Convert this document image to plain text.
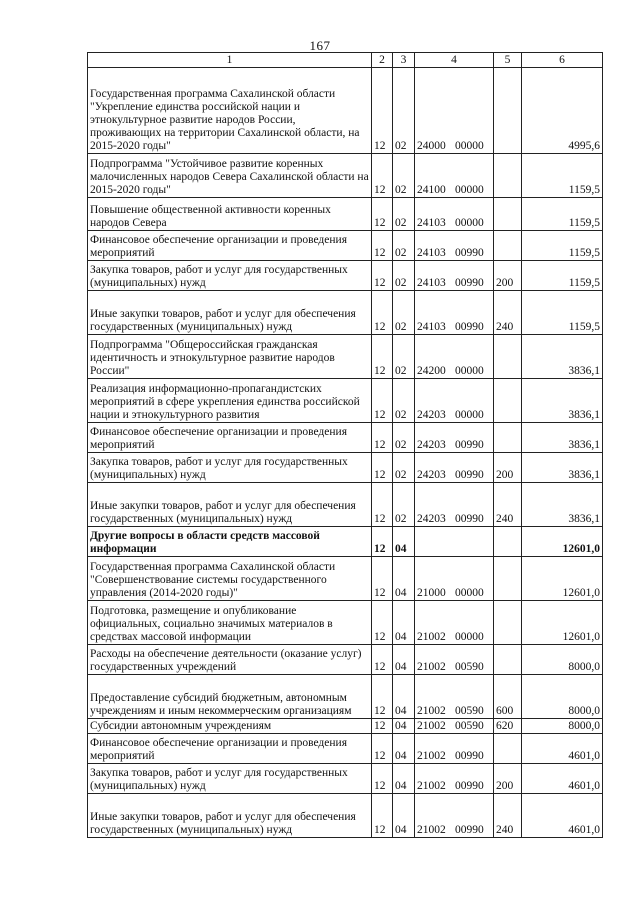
167
1	2	3	4	5	6
Государственная программа Сахалинской области "Укрепление единства российской нации и этнокультурное развитие народов России, проживающих на территории Сахалинской области, на 2015-2020 годы"	12	02	24000 00000		4995,6
Подпрограмма "Устойчивое развитие коренных малочисленных народов Севера Сахалинской области на 2015-2020 годы"	12	02	24100 00000		1159,5
Повышение общественной активности коренных народов Севера	12	02	24103 00000		1159,5
Финансовое обеспечение организации и проведения мероприятий	12	02	24103 00990		1159,5
Закупка товаров, работ и услуг для государственных (муниципальных) нужд	12	02	24103 00990	200	1159,5
Иные закупки товаров, работ и услуг для обеспечения государственных (муниципальных) нужд	12	02	24103 00990	240	1159,5
Подпрограмма "Общероссийская гражданская идентичность и этнокультурное развитие народов России"	12	02	24200 00000		3836,1
Реализация информационно-пропагандистских мероприятий в сфере укрепления единства российской нации и этнокультурного развития	12	02	24203 00000		3836,1
Финансовое обеспечение организации и проведения мероприятий	12	02	24203 00990		3836,1
Закупка товаров, работ и услуг для государственных (муниципальных) нужд	12	02	24203 00990	200	3836,1
Иные закупки товаров, работ и услуг для обеспечения государственных (муниципальных) нужд	12	02	24203 00990	240	3836,1
Другие вопросы в области средств массовой информации	12	04			12601,0
Государственная программа Сахалинской области "Совершенствование системы государственного управления (2014-2020 годы)"	12	04	21000 00000		12601,0
Подготовка, размещение и опубликование официальных, социально значимых материалов в средствах массовой информации	12	04	21002 00000		12601,0
Расходы на обеспечение деятельности (оказание услуг) государственных учреждений	12	04	21002 00590		8000,0
Предоставление субсидий бюджетным, автономным учреждениям и иным некоммерческим организациям	12	04	21002 00590	600	8000,0
Субсидии автономным учреждениям	12	04	21002 00590	620	8000,0
Финансовое обеспечение организации и проведения мероприятий	12	04	21002 00990		4601,0
Закупка товаров, работ и услуг для государственных (муниципальных) нужд	12	04	21002 00990	200	4601,0
Иные закупки товаров, работ и услуг для обеспечения государственных (муниципальных) нужд	12	04	21002 00990	240	4601,0
